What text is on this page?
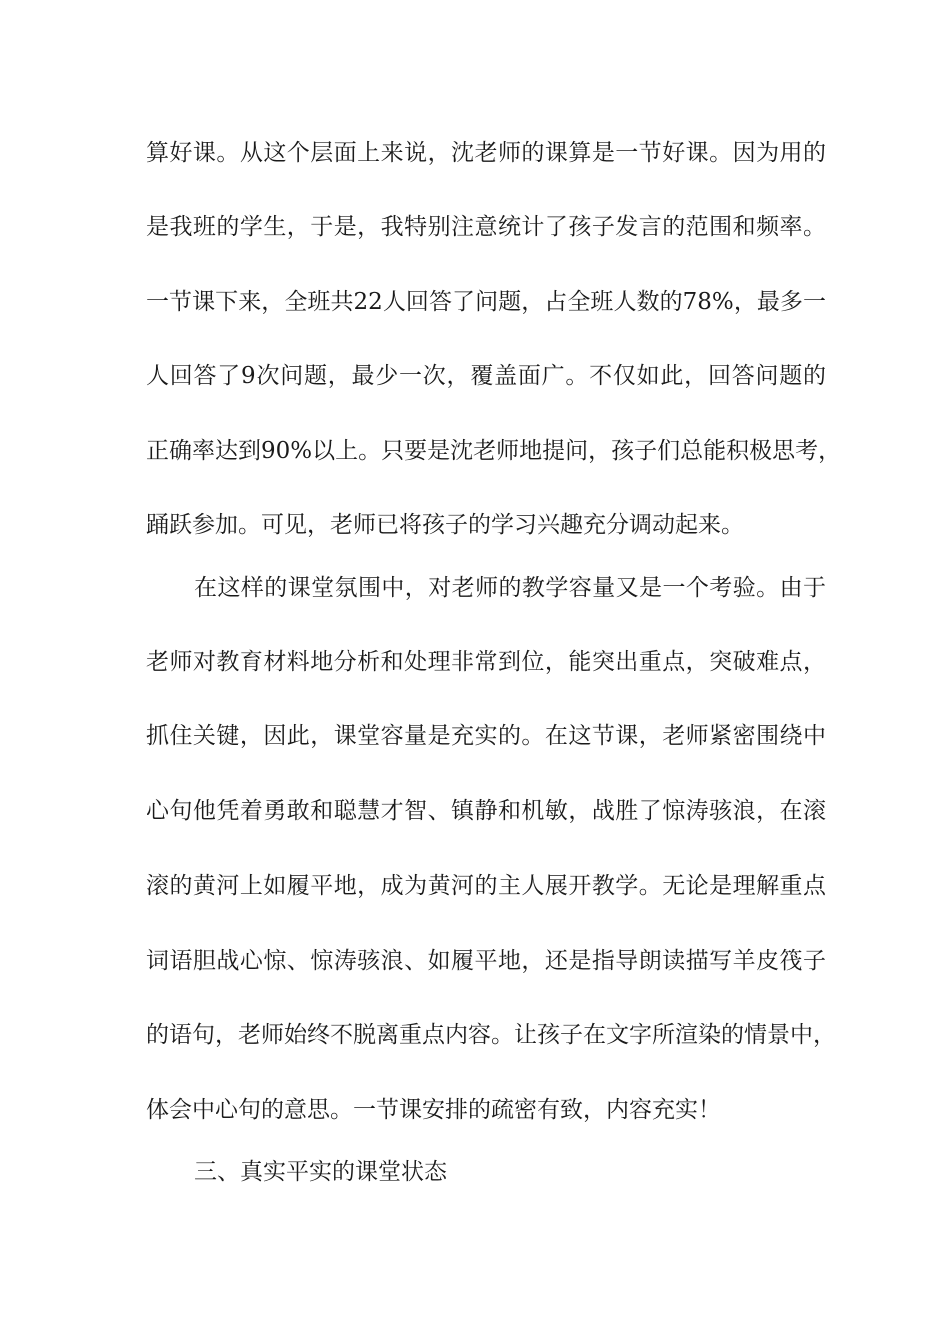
算好课。从这个层面上来说，沈老师的课算是一节好课。因为用的
是我班的学生，于是，我特别注意统计了孩子发言的范围和频率。
一节课下来，全班共22人回答了问题，占全班人数的78%，最多一
人回答了9次问题，最少一次，覆盖面广。不仅如此，回答问题的
正确率达到90%以上。只要是沈老师地提问，孩子们总能积极思考，
踊跃参加。可见，老师已将孩子的学习兴趣充分调动起来。
在这样的课堂氛围中，对老师的教学容量又是一个考验。由于
老师对教育材料地分析和处理非常到位，能突出重点，突破难点，
抓住关键，因此，课堂容量是充实的。在这节课，老师紧密围绕中
心句他凭着勇敢和聪慧才智、镇静和机敏，战胜了惊涛骇浪，在滚
滚的黄河上如履平地，成为黄河的主人展开教学。无论是理解重点
词语胆战心惊、惊涛骇浪、如履平地，还是指导朗读描写羊皮筏子
的语句，老师始终不脱离重点内容。让孩子在文字所渲染的情景中，
体会中心句的意思。一节课安排的疏密有致，内容充实！
三、真实平实的课堂状态
